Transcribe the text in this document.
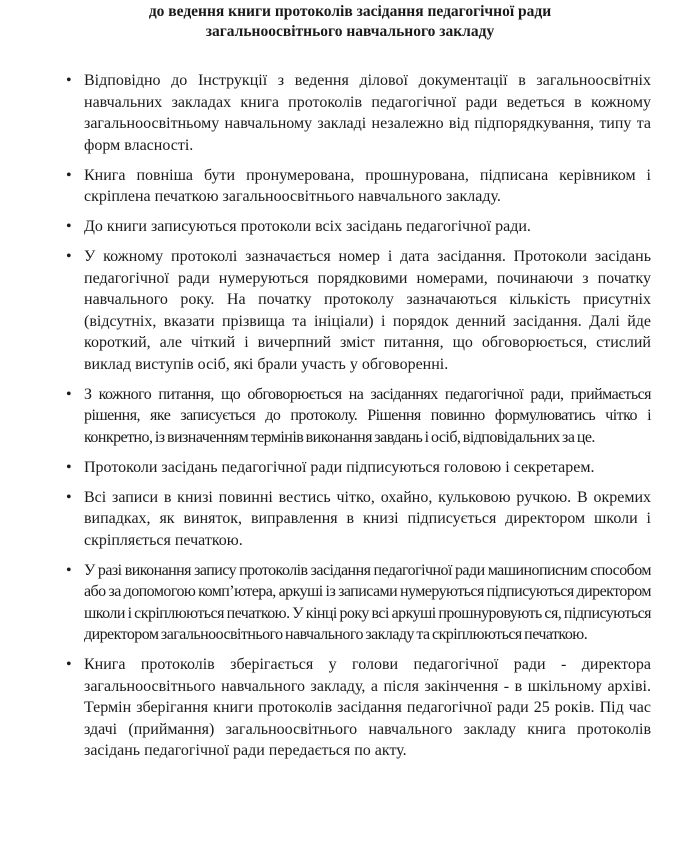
до ведення книги протоколів засідання педагогічної ради
загальноосвітнього навчального закладу
• Відповідно до Інструкції з ведення ділової документації в загальноосвітніх навчальних закладах книга протоколів педагогічної ради ведеться в кожному загальноосвітньому навчальному закладі незалежно від підпорядкування, типу та форм власності.
• Книга повніша бути пронумерована, прошнурована, підписана керівником і скріплена печаткою загальноосвітнього навчального закладу.
• До книги записуються протоколи всіх засідань педагогічної ради.
• У кожному протоколі зазначається номер і дата засідання. Протоколи засідань педагогічної ради нумеруються порядковими номерами, починаючи з початку навчального року. На початку протоколу зазначаються кількість присутніх (відсутніх, вказати прізвища та ініціали) і порядок денний засідання. Далі йде короткий, але чіткий і вичерпний зміст питання, що обговорюється, стислий виклад виступів осіб, які брали участь у обговоренні.
• З кожного питання, що обговорюється на засіданнях педагогічної ради, приймається рішення, яке записується до протоколу. Рішення повинно формулюватись чітко і конкретно, із визначенням термінів виконання завдань і осіб, відповідальних за це.
• Протоколи засідань педагогічної ради підписуються головою і секретарем.
• Всі записи в книзі повинні вестись чітко, охайно, кульковою ручкою. В окремих випадках, як виняток, виправлення в книзі підписується директором школи і скріпляється печаткою.
• У разі виконання запису протоколів засідання педагогічної ради машинописним способом або за допомогою комп’ютера, аркуші із записами нумеруються підписуються директором школи і скріплюються печаткою. У кінці року всі аркуші прошнуровують ся, підписуються директором загальноосвітнього навчального закладу та скріплюються печаткою.
• Книга протоколів зберігається у голови педагогічної ради - директора загальноосвітнього навчального закладу, а після закінчення - в шкільному архіві. Термін зберігання книги протоколів засідання педагогічної ради 25 років. Під час здачі (приймання) загальноосвітнього навчального закладу книга протоколів засідань педагогічної ради передається по акту.
